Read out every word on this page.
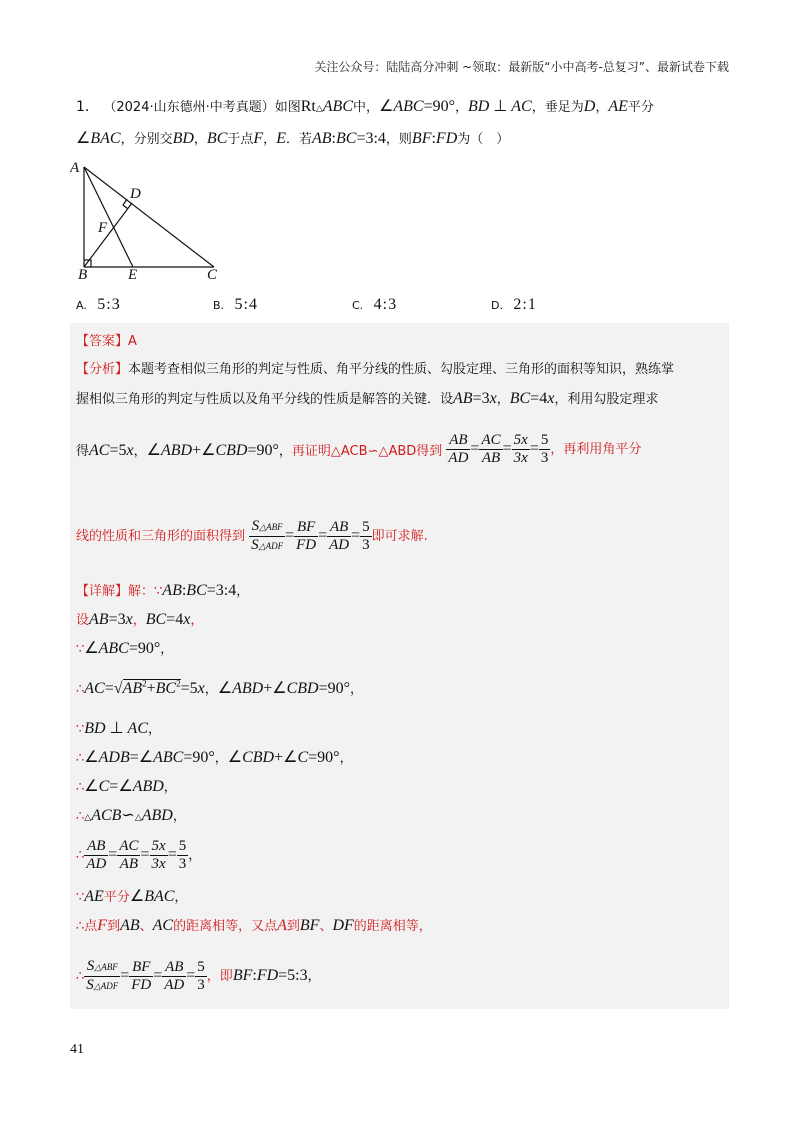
关注公众号：陆陆高分冲刺 ~领取：最新版“小中高考-总复习”、最新试卷下载
1． （2024·山东德州·中考真题）如图Rt△ABC中，∠ABC=90°，BD ⊥ AC，垂足为D，AE平分
∠BAC，分别交BD，BC于点F，E．若AB:BC=3:4，则BF:FD为（　）
A
B	C
D
E
F
A. 5:3	B. 5:4	C. 4:3	D. 2:1
【答案】A
【分析】本题考查相似三角形的判定与性质、角平分线的性质、勾股定理、三角形的面积等知识，熟练掌
握相似三角形的判定与性质以及角平分线的性质是解答的关键．设AB=3x，BC=4x，利用勾股定理求
得AC=5x，∠ABD+∠CBD=90°，再证明△ACB∽△ABD得到 $\frac{AB}{AD} = \frac{AC}{AB} = \frac{5x}{3x} = \frac{5}{3}$ ，再利用角平分
线的性质和三角形的面积得到 $\frac{\text{S△ABF}}{\text{S△ADF}} = \frac{BF}{FD} = \frac{AB}{AD} = \frac{5}{3}$ 即可求解.
【详解】解：∵AB:BC=3:4，
设AB=3x，BC=4x，
∵∠ABC=90°，
$\therefore AC=√AB^2+BC^2=5x$，∠ABD+∠CBD=90°，
∵BD ⊥ AC，
∴∠ADB=∠ABC=90°，∠CBD+∠C=90°，
∴∠C=∠ABD，
∴△ACB∽△ABD，
∴ $\frac{AB}{AD} = \frac{AC}{AB} = \frac{5x}{3x} = \frac{5}{3}$ ，
∵AE平分∠BAC，
∴点F到AB、AC的距离相等，又点A到BF、DF的距离相等，
∴ $\frac{\text{S△ABF}}{\text{S△ADF}} = \frac{BF}{FD} = \frac{AB}{AD} = \frac{5}{3}$ ，即BF:FD=5:3，
41
